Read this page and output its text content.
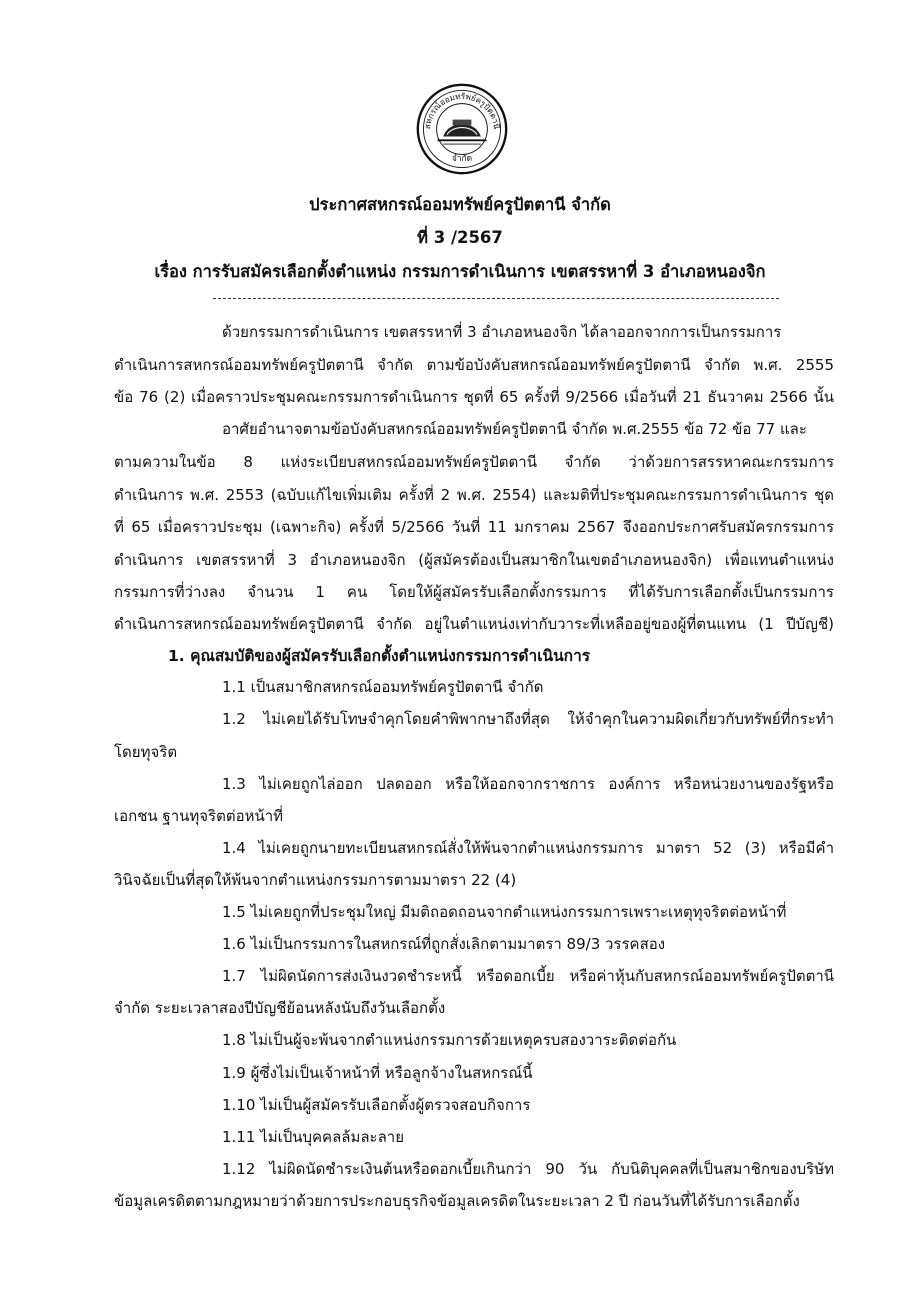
สหกรณ์ออมทรัพย์ครูปัตตานี
จำกัด
ประกาศสหกรณ์ออมทรัพย์ครูปัตตานี จำกัด
ที่ 3 /2567
เรื่อง การรับสมัครเลือกตั้งตำแหน่ง กรรมการดำเนินการ เขตสรรหาที่ 3 อำเภอหนองจิก
ด้วยกรรมการดำเนินการ เขตสรรหาที่ 3 อำเภอหนองจิก ได้ลาออกจากการเป็นกรรมการ
ดำเนินการสหกรณ์ออมทรัพย์ครูปัตตานี จำกัด ตามข้อบังคับสหกรณ์ออมทรัพย์ครูปัตตานี จำกัด พ.ศ. 2555
ข้อ 76 (2) เมื่อคราวประชุมคณะกรรมการดำเนินการ ชุดที่ 65 ครั้งที่ 9/2566 เมื่อวันที่ 21 ธันวาคม 2566 นั้น
อาศัยอำนาจตามข้อบังคับสหกรณ์ออมทรัพย์ครูปัตตานี จำกัด พ.ศ.2555 ข้อ 72 ข้อ 77 และ
ตามความในข้อ 8 แห่งระเบียบสหกรณ์ออมทรัพย์ครูปัตตานี จำกัด ว่าด้วยการสรรหาคณะกรรมการ
ดำเนินการ พ.ศ. 2553 (ฉบับแก้ไขเพิ่มเติม ครั้งที่ 2 พ.ศ. 2554) และมติที่ประชุมคณะกรรมการดำเนินการ ชุด
ที่ 65 เมื่อคราวประชุม (เฉพาะกิจ) ครั้งที่ 5/2566 วันที่ 11 มกราคม 2567 จึงออกประกาศรับสมัครกรรมการ
ดำเนินการ เขตสรรหาที่ 3 อำเภอหนองจิก (ผู้สมัครต้องเป็นสมาชิกในเขตอำเภอหนองจิก) เพื่อแทนตำแหน่ง
กรรมการที่ว่างลง จำนวน 1 คน โดยให้ผู้สมัครรับเลือกตั้งกรรมการ ที่ได้รับการเลือกตั้งเป็นกรรมการ
ดำเนินการสหกรณ์ออมทรัพย์ครูปัตตานี จำกัด อยู่ในตำแหน่งเท่ากับวาระที่เหลืออยู่ของผู้ที่ตนแทน (1 ปีบัญชี)
1. คุณสมบัติของผู้สมัครรับเลือกตั้งตำแหน่งกรรมการดำเนินการ
1.1 เป็นสมาชิกสหกรณ์ออมทรัพย์ครูปัตตานี จำกัด
1.2 ไม่เคยได้รับโทษจำคุกโดยคำพิพากษาถึงที่สุด ให้จำคุกในความผิดเกี่ยวกับทรัพย์ที่กระทำ
โดยทุจริต
1.3 ไม่เคยถูกไล่ออก ปลดออก หรือให้ออกจากราชการ องค์การ หรือหน่วยงานของรัฐหรือ
เอกชน ฐานทุจริตต่อหน้าที่
1.4 ไม่เคยถูกนายทะเบียนสหกรณ์สั่งให้พ้นจากตำแหน่งกรรมการ มาตรา 52 (3) หรือมีคำ
วินิจฉัยเป็นที่สุดให้พ้นจากตำแหน่งกรรมการตามมาตรา 22 (4)
1.5 ไม่เคยถูกที่ประชุมใหญ่ มีมติถอดถอนจากตำแหน่งกรรมการเพราะเหตุทุจริตต่อหน้าที่
1.6 ไม่เป็นกรรมการในสหกรณ์ที่ถูกสั่งเลิกตามมาตรา 89/3 วรรคสอง
1.7 ไม่ผิดนัดการส่งเงินงวดชำระหนี้ หรือดอกเบี้ย หรือค่าหุ้นกับสหกรณ์ออมทรัพย์ครูปัตตานี
จำกัด ระยะเวลาสองปีบัญชีย้อนหลังนับถึงวันเลือกตั้ง
1.8 ไม่เป็นผู้จะพ้นจากตำแหน่งกรรมการด้วยเหตุครบสองวาระติดต่อกัน
1.9 ผู้ซึ่งไม่เป็นเจ้าหน้าที่ หรือลูกจ้างในสหกรณ์นี้
1.10 ไม่เป็นผู้สมัครรับเลือกตั้งผู้ตรวจสอบกิจการ
1.11 ไม่เป็นบุคคลล้มละลาย
1.12 ไม่ผิดนัดชำระเงินต้นหรือดอกเบี้ยเกินกว่า 90 วัน กับนิติบุคคลที่เป็นสมาชิกของบริษัท
ข้อมูลเครดิตตามกฎหมายว่าด้วยการประกอบธุรกิจข้อมูลเครดิตในระยะเวลา 2 ปี ก่อนวันที่ได้รับการเลือกตั้ง
